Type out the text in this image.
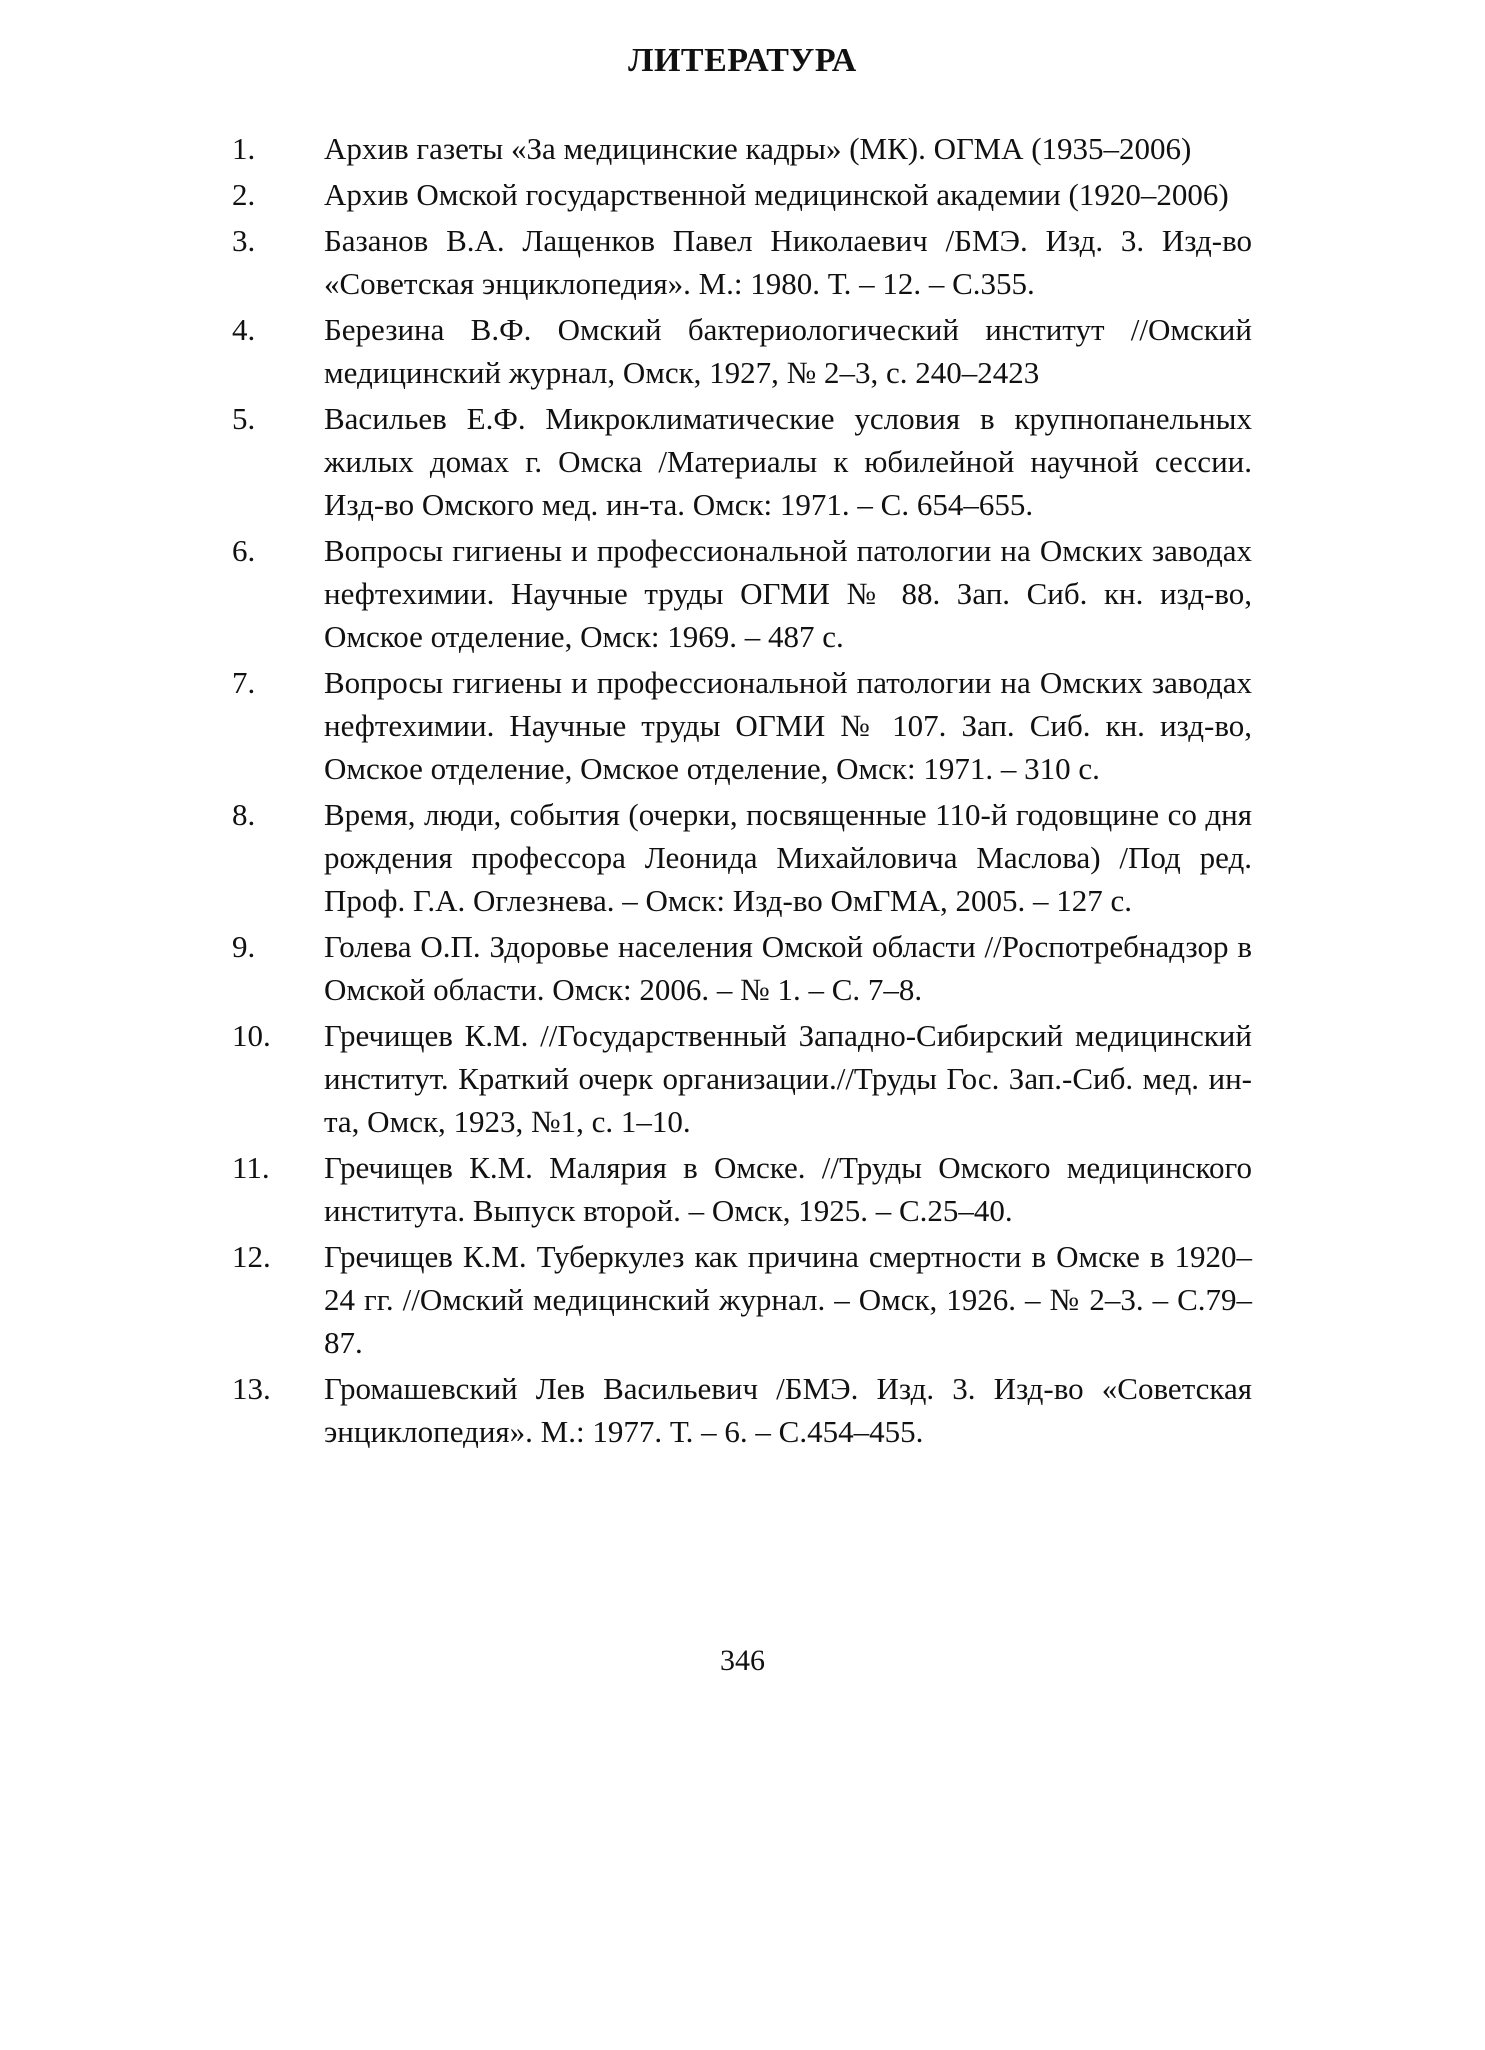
ЛИТЕРАТУРА
1.	Архив газеты «За медицинские кадры» (МК). ОГМА (1935–2006)
2.	Архив Омской государственной медицинской академии (1920–2006)
3.	Базанов В.А. Лащенков Павел Николаевич /БМЭ. Изд. 3. Изд-во «Советская энциклопедия». М.: 1980. Т. – 12. – С.355.
4.	Березина В.Ф. Омский бактериологический институт //Омский медицинский журнал, Омск, 1927, № 2–3, с. 240–2423
5.	Васильев Е.Ф. Микроклиматические условия в крупнопанельных жилых домах г. Омска /Материалы к юбилейной научной сессии. Изд-во Омского мед. ин-та. Омск: 1971. – С. 654–655.
6.	Вопросы гигиены и профессиональной патологии на Омских заводах нефтехимии. Научные труды ОГМИ № 88. Зап. Сиб. кн. изд-во, Омское отделение, Омск: 1969. – 487 с.
7.	Вопросы гигиены и профессиональной патологии на Омских заводах нефтехимии. Научные труды ОГМИ № 107. Зап. Сиб. кн. изд-во, Омское отделение, Омское отделение, Омск: 1971. – 310 с.
8.	Время, люди, события (очерки, посвященные 110-й годовщине со дня рождения профессора Леонида Михайловича Маслова) /Под ред. Проф. Г.А. Оглезнева. – Омск: Изд-во ОмГМА, 2005. – 127 с.
9.	Голева О.П. Здоровье населения Омской области //Роспотребнадзор в Омской области. Омск: 2006. – № 1. – С. 7–8.
10.	Гречищев К.М. //Государственный Западно-Сибирский медицинский институт. Краткий очерк организации.//Труды Гос. Зап.-Сиб. мед. ин-та, Омск, 1923, №1, с. 1–10.
11.	Гречищев К.М. Малярия в Омске. //Труды Омского медицинского института. Выпуск второй. – Омск, 1925. – С.25–40.
12.	Гречищев К.М. Туберкулез как причина смертности в Омске в 1920–24 гг. //Омский медицинский журнал. – Омск, 1926. – № 2–3. – С.79–87.
13.	Громашевский Лев Васильевич /БМЭ. Изд. 3. Изд-во «Советская энциклопедия». М.: 1977. Т. – 6. – С.454–455.
346
